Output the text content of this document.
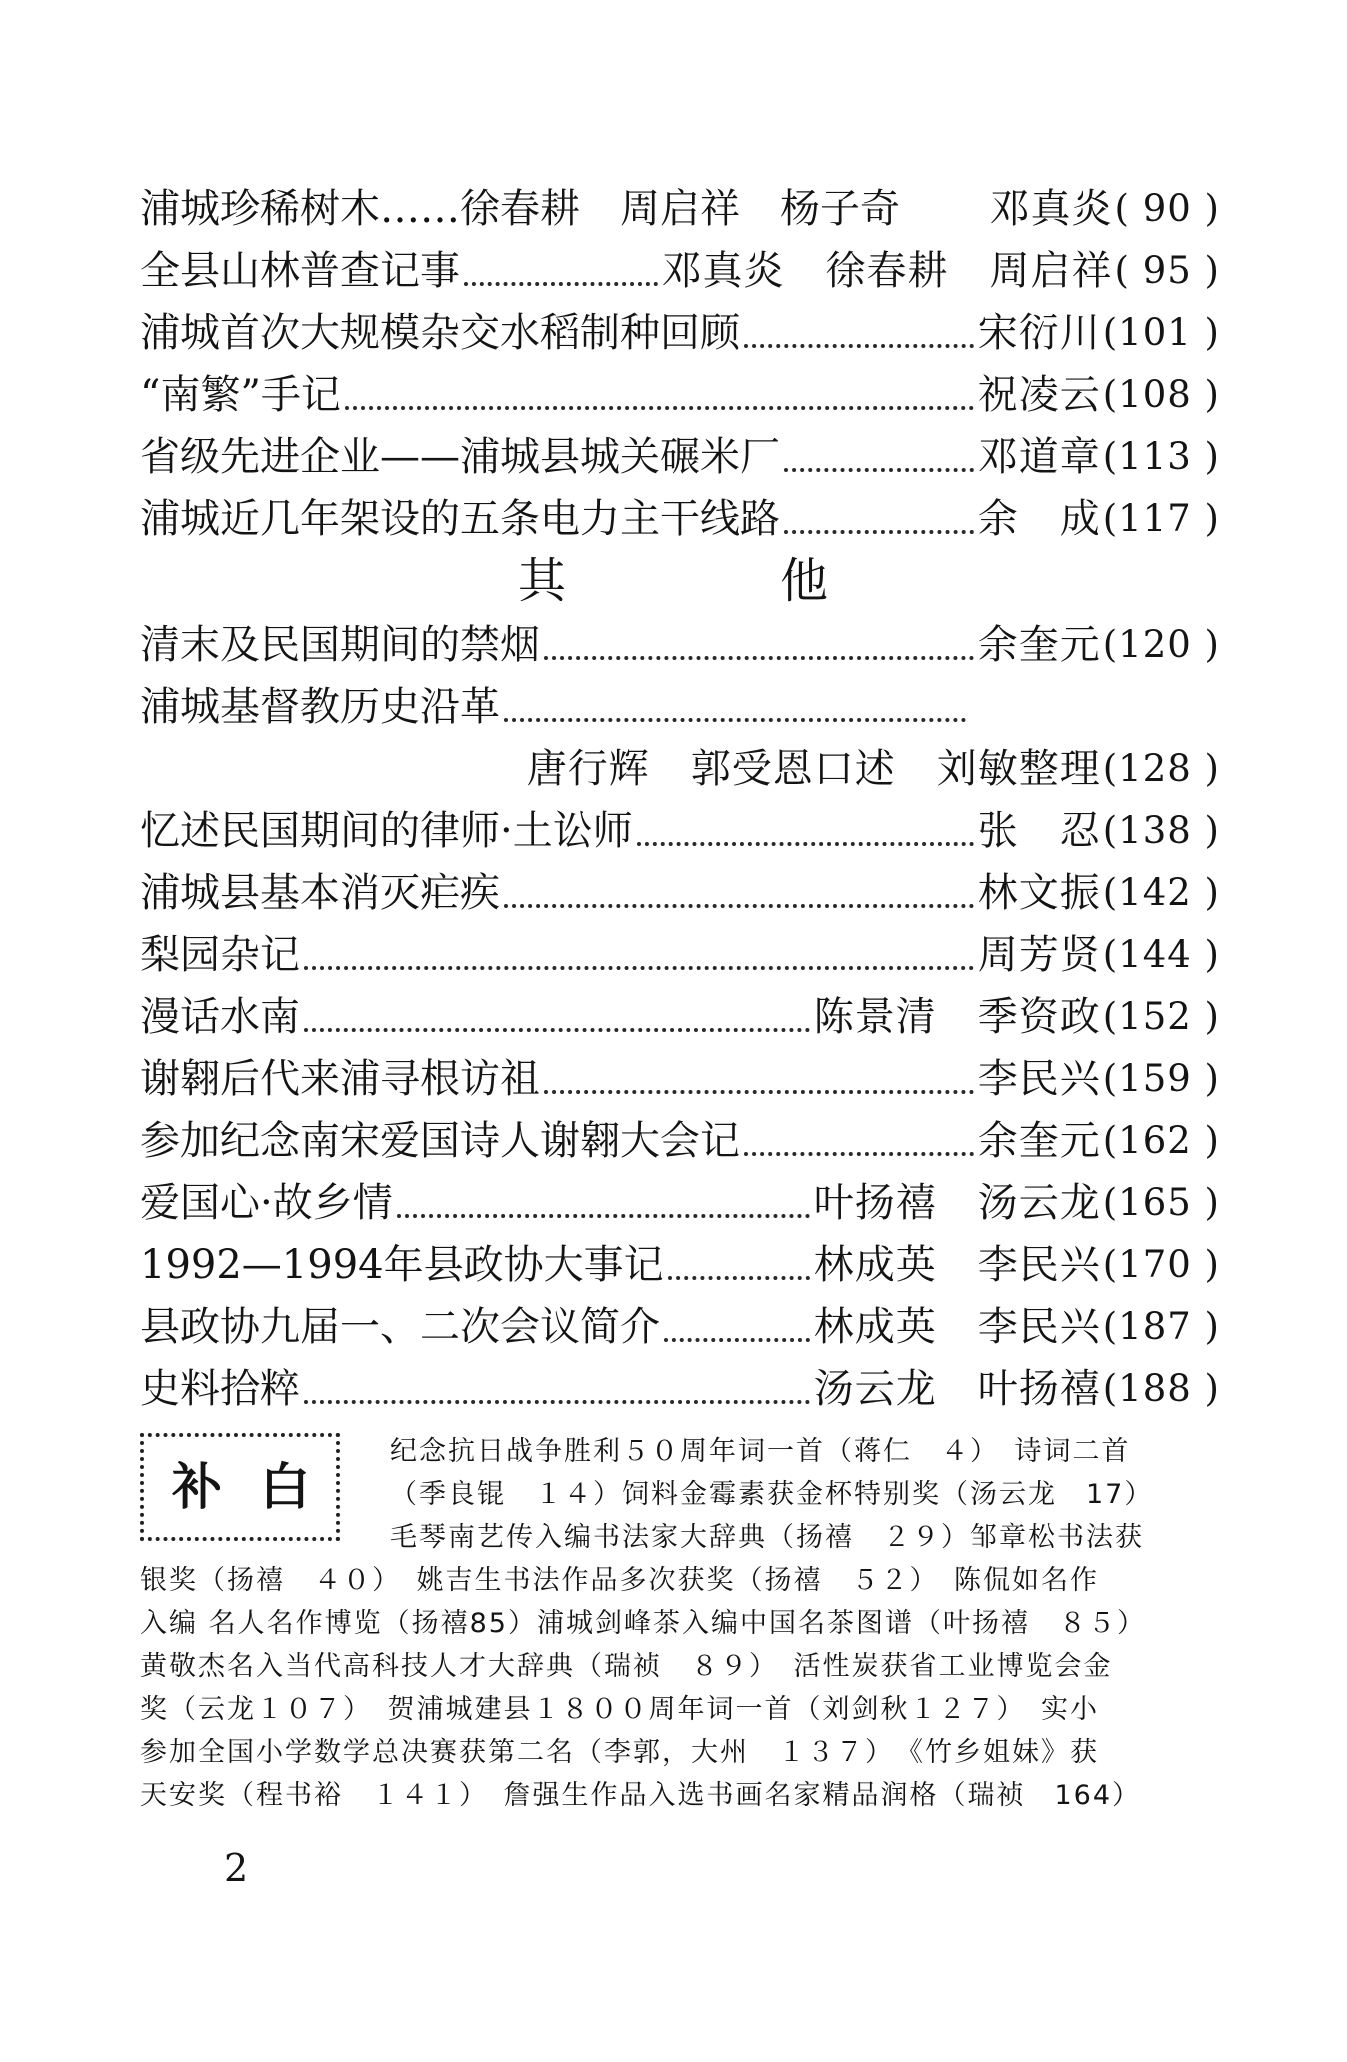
浦城珍稀树木……徐春耕　周启祥　杨子奇 邓真炎 ( 90 )
全县山林普查记事	邓真炎　徐春耕　周启祥 ( 95 )
浦城首次大规模杂交水稻制种回顾	宋衍川 (101 )
“南繁”手记	祝凌云 (108 )
省级先进企业——浦城县城关碾米厂	邓道章 (113 )
浦城近几年架设的五条电力主干线路	余　成 (117 )
其	他
清末及民国期间的禁烟	余奎元 (120 )
浦城基督教历史沿革
唐行辉　郭受恩口述　刘敏整理 (128 )
忆述民国期间的律师·土讼师	张　忍 (138 )
浦城县基本消灭疟疾	林文振 (142 )
梨园杂记	周芳贤 (144 )
漫话水南	陈景清　季资政 (152 )
谢翱后代来浦寻根访祖	李民兴 (159 )
参加纪念南宋爱国诗人谢翱大会记	余奎元 (162 )
爱国心·故乡情	叶扬禧　汤云龙 (165 )
1992—1994年县政协大事记	林成英　李民兴 (170 )
县政协九届一、二次会议简介	林成英　李民兴 (187 )
史料拾粹	汤云龙　叶扬禧 (188 )
纪念抗日战争胜利５０周年词一首（蒋仁　４）　诗词二首
（季良锟　１４）饲料金霉素获金杯特别奖（汤云龙　17）
毛琴南艺传入编书法家大辞典（扬禧　２９）邹章松书法获
银奖（扬禧　４０）　姚吉生书法作品多次获奖（扬禧　５２）　陈侃如名作
入编 名人名作博览（扬禧85）浦城剑峰茶入编中国名茶图谱（叶扬禧　８５）
黄敬杰名入当代高科技人才大辞典（瑞祯　８９）　活性炭获省工业博览会金
奖（云龙１０７）　贺浦城建县１８００周年词一首（刘剑秋１２７）　实小
参加全国小学数学总决赛获第二名（李郭，大州　１３７）　《竹乡姐妹》获
天安奖（程书裕　１４１）　詹强生作品入选书画名家精品润格（瑞祯　164）
补 白
2
